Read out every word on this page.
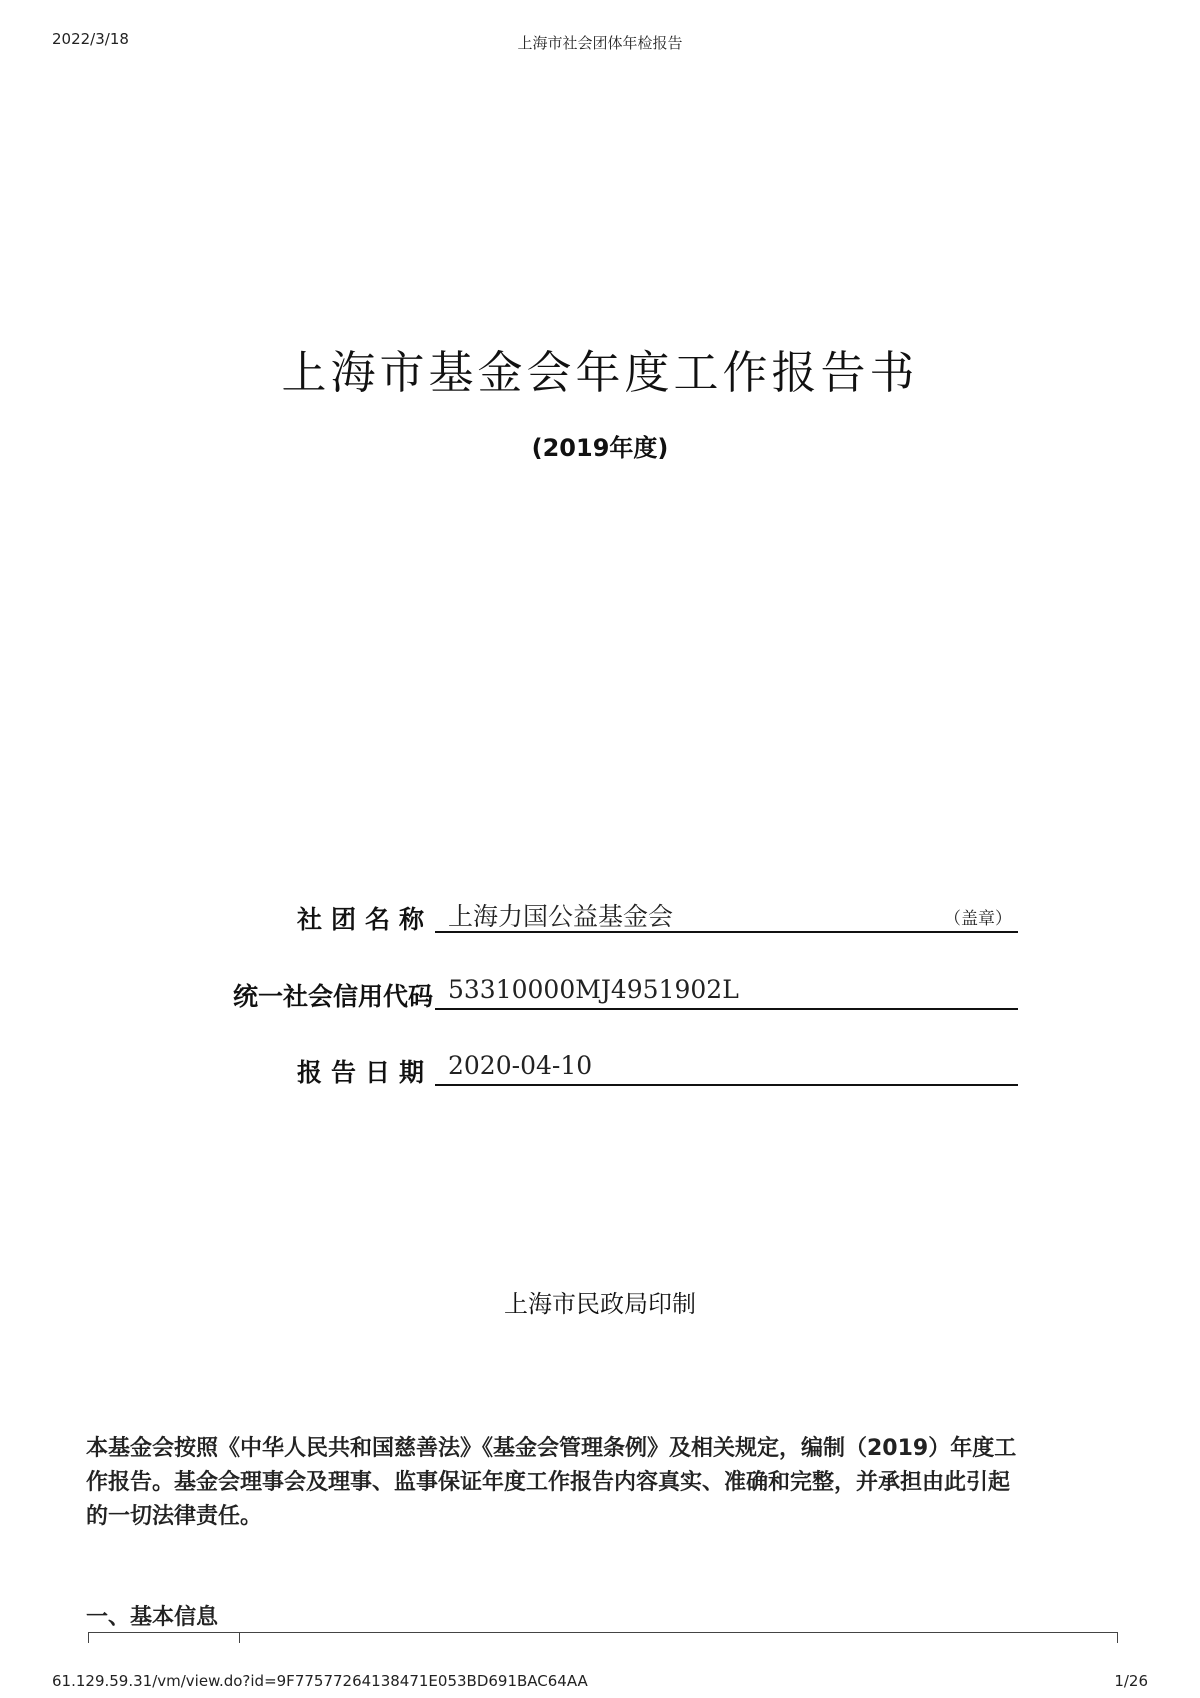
2022/3/18	上海市社会团体年检报告
上海市基金会年度工作报告书
(2019年度)
社团名称 上海力国公益基金会	（盖章）
统一社会信用代码 53310000MJ4951902L
报告日期 2020-04-10
上海市民政局印制
本基金会按照《中华人民共和国慈善法》《基金会管理条例》及相关规定，编制（2019）年度工作报告。基金会理事会及理事、监事保证年度工作报告内容真实、准确和完整，并承担由此引起的一切法律责任。
一、基本信息
61.129.59.31/vm/view.do?id=9F77577264138471E053BD691BAC64AA	1/26
